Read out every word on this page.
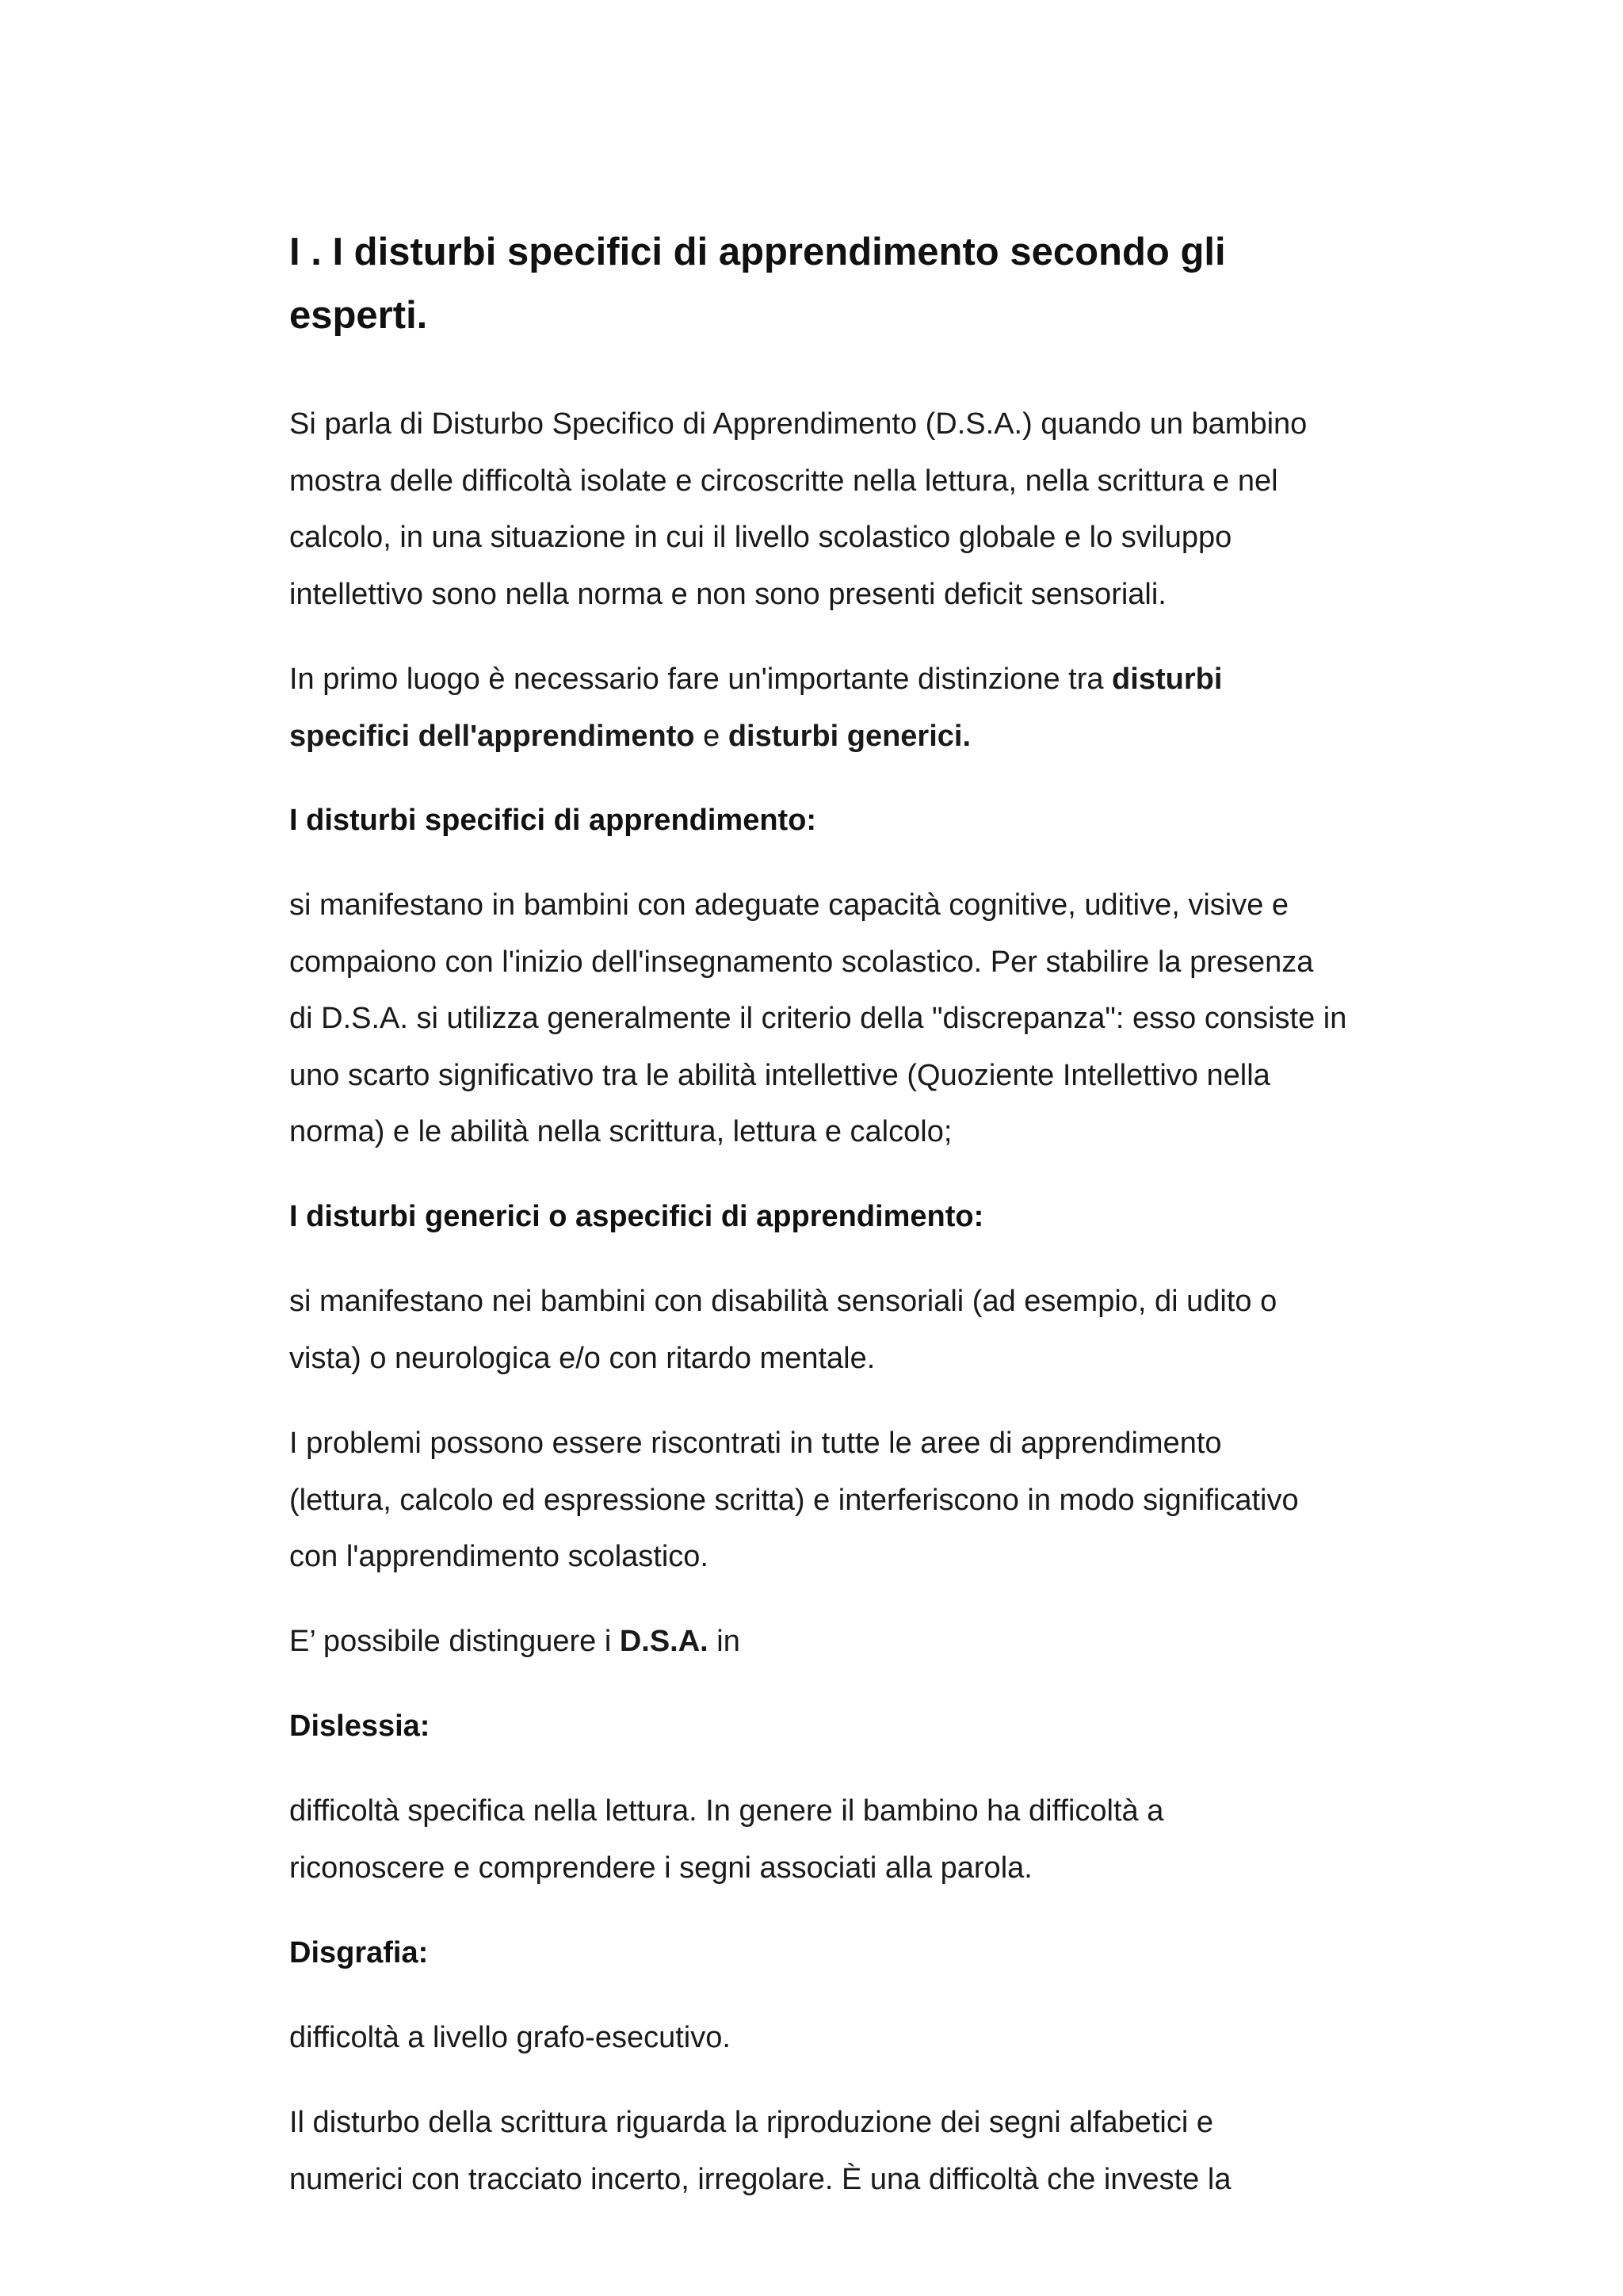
I . I disturbi specifici di apprendimento secondo gli
esperti.

Si parla di Disturbo Specifico di Apprendimento (D.S.A.) quando un bambino
mostra delle difficoltà isolate e circoscritte nella lettura, nella scrittura e nel
calcolo, in una situazione in cui il livello scolastico globale e lo sviluppo
intellettivo sono nella norma e non sono presenti deficit sensoriali.

In primo luogo è necessario fare un'importante distinzione tra disturbi
specifici dell'apprendimento e disturbi generici.

I disturbi specifici di apprendimento:

si manifestano in bambini con adeguate capacità cognitive, uditive, visive e
compaiono con l'inizio dell'insegnamento scolastico. Per stabilire la presenza
di D.S.A. si utilizza generalmente il criterio della "discrepanza": esso consiste in
uno scarto significativo tra le abilità intellettive (Quoziente Intellettivo nella
norma) e le abilità nella scrittura, lettura e calcolo;

I disturbi generici o aspecifici di apprendimento:

si manifestano nei bambini con disabilità sensoriali (ad esempio, di udito o
vista) o neurologica e/o con ritardo mentale.

I problemi possono essere riscontrati in tutte le aree di apprendimento
(lettura, calcolo ed espressione scritta) e interferiscono in modo significativo
con l'apprendimento scolastico.

E’ possibile distinguere i D.S.A. in

Dislessia:

difficoltà specifica nella lettura. In genere il bambino ha difficoltà a
riconoscere e comprendere i segni associati alla parola.

Disgrafia:

difficoltà a livello grafo-esecutivo.

Il disturbo della scrittura riguarda la riproduzione dei segni alfabetici e
numerici con tracciato incerto, irregolare. È una difficoltà che investe la
